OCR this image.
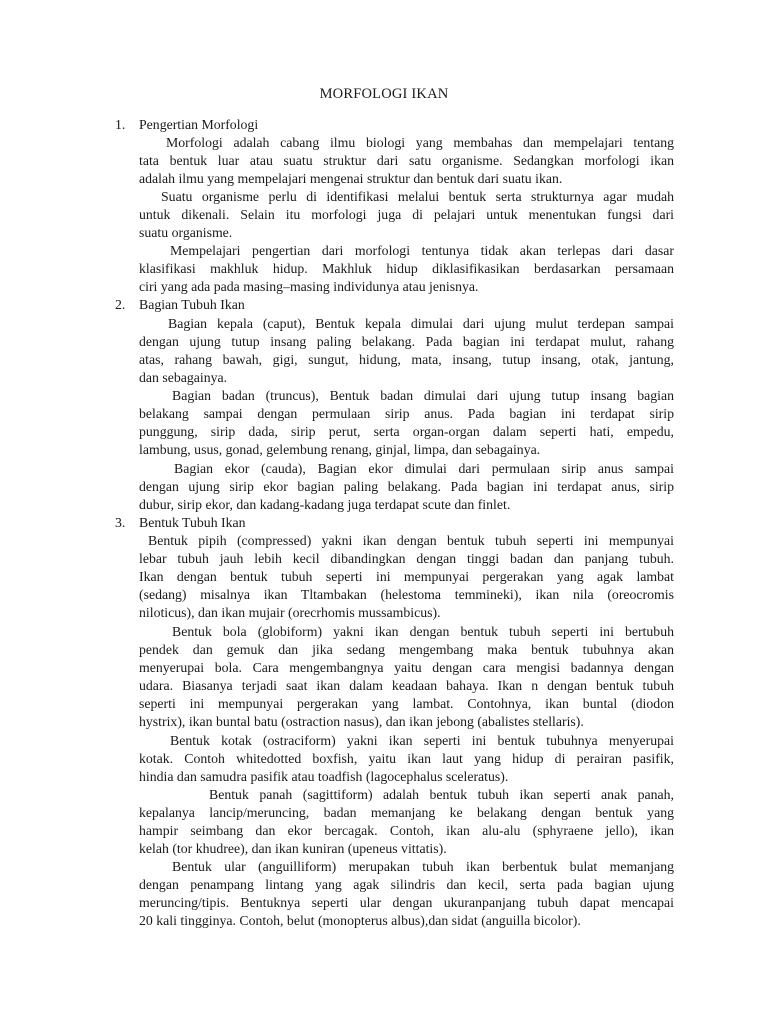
MORFOLOGI IKAN
1. Pengertian Morfologi

Morfologi adalah cabang ilmu biologi yang membahas dan mempelajari tentang
tata bentuk luar atau suatu struktur dari satu organisme. Sedangkan morfologi ikan
adalah ilmu yang mempelajari mengenai struktur dan bentuk dari suatu ikan.

Suatu organisme perlu di identifikasi melalui bentuk serta strukturnya agar mudah
untuk dikenali. Selain itu morfologi juga di pelajari untuk menentukan fungsi dari
suatu organisme.

Mempelajari pengertian dari morfologi tentunya tidak akan terlepas dari dasar
klasifikasi makhluk hidup. Makhluk hidup diklasifikasikan berdasarkan persamaan
ciri yang ada pada masing–masing individunya atau jenisnya.

2. Bagian Tubuh Ikan

Bagian kepala (caput), Bentuk kepala dimulai dari ujung mulut terdepan sampai
dengan ujung tutup insang paling belakang. Pada bagian ini terdapat mulut, rahang
atas, rahang bawah, gigi, sungut, hidung, mata, insang, tutup insang, otak, jantung,
dan sebagainya.

Bagian badan (truncus), Bentuk badan dimulai dari ujung tutup insang bagian
belakang sampai dengan permulaan sirip anus. Pada bagian ini terdapat sirip
punggung, sirip dada, sirip perut, serta organ-organ dalam seperti hati, empedu,
lambung, usus, gonad, gelembung renang, ginjal, limpa, dan sebagainya.

Bagian ekor (cauda), Bagian ekor dimulai dari permulaan sirip anus sampai
dengan ujung sirip ekor bagian paling belakang. Pada bagian ini terdapat anus, sirip
dubur, sirip ekor, dan kadang-kadang juga terdapat scute dan finlet.

3. Bentuk Tubuh Ikan

Bentuk pipih (compressed) yakni ikan dengan bentuk tubuh seperti ini mempunyai
lebar tubuh jauh lebih kecil dibandingkan dengan tinggi badan dan panjang tubuh.
Ikan dengan bentuk tubuh seperti ini mempunyai pergerakan yang agak lambat
(sedang) misalnya ikan Tltambakan (helestoma temmineki), ikan nila (oreocromis
niloticus), dan ikan mujair (orecrhomis mussambicus).

Bentuk bola (globiform) yakni ikan dengan bentuk tubuh seperti ini bertubuh
pendek dan gemuk dan jika sedang mengembang maka bentuk tubuhnya akan
menyerupai bola. Cara mengembangnya yaitu dengan cara mengisi badannya dengan
udara. Biasanya terjadi saat ikan dalam keadaan bahaya. Ikan n dengan bentuk tubuh
seperti ini mempunyai pergerakan yang lambat. Contohnya, ikan buntal (diodon
hystrix), ikan buntal batu (ostraction nasus), dan ikan jebong (abalistes stellaris).

Bentuk kotak (ostraciform) yakni ikan seperti ini bentuk tubuhnya menyerupai
kotak. Contoh whitedotted boxfish, yaitu ikan laut yang hidup di perairan pasifik,
hindia dan samudra pasifik atau toadfish (lagocephalus sceleratus).

Bentuk panah (sagittiform) adalah bentuk tubuh ikan seperti anak panah,
kepalanya lancip/meruncing, badan memanjang ke belakang dengan bentuk yang
hampir seimbang dan ekor bercagak. Contoh, ikan alu-alu (sphyraene jello), ikan
kelah (tor khudree), dan ikan kuniran (upeneus vittatis).

Bentuk ular (anguilliform) merupakan tubuh ikan berbentuk bulat memanjang
dengan penampang lintang yang agak silindris dan kecil, serta pada bagian ujung
meruncing/tipis. Bentuknya seperti ular dengan ukuranpanjang tubuh dapat mencapai
20 kali tingginya. Contoh, belut (monopterus albus),dan sidat (anguilla bicolor).
